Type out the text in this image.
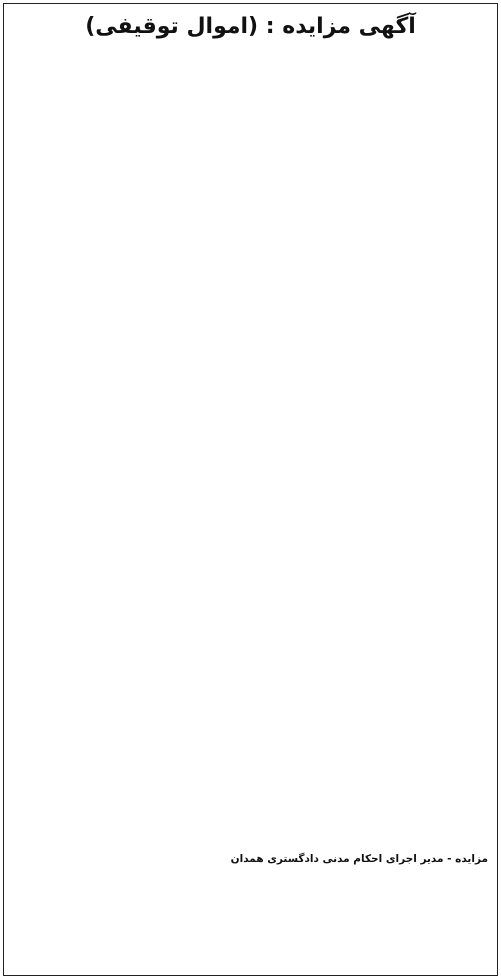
آگهی مزایده : (اموال توقیفی)

مزایده - مدیر اجرای احکام مدنی دادگستری همدان
